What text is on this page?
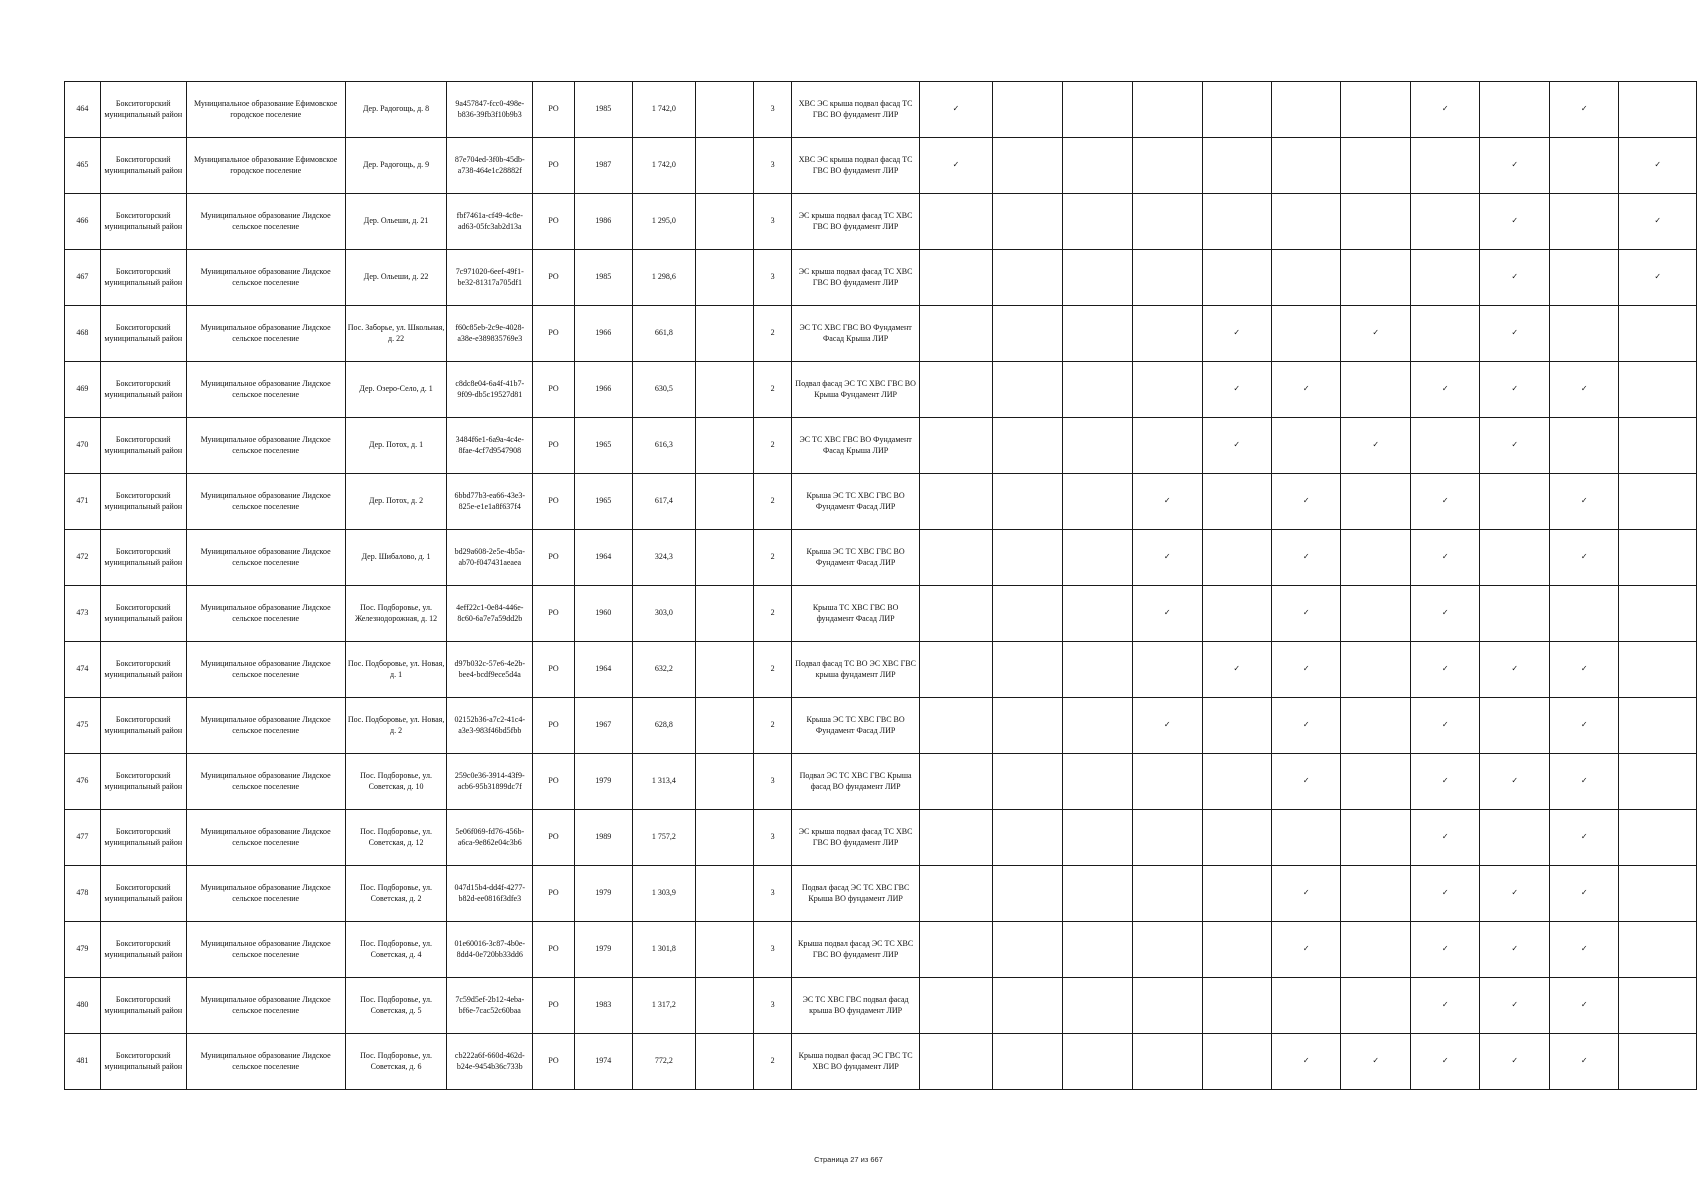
464	Бокситогорский муниципальный район	Муниципальное образование Ефимовское городское поселение	Дер. Радогощь, д. 8	9a457847-fcc0-498e-b836-39fb3f10b9b3	РО	1985	1 742,0		3	ХВС ЭС крыша подвал фасад ТС ГВС ВО фундамент ЛИР	✓							✓		✓	
465	Бокситогорский муниципальный район	Муниципальное образование Ефимовское городское поселение	Дер. Радогощь, д. 9	87e704ed-3f0b-45db-a738-464e1c28882f	РО	1987	1 742,0		3	ХВС ЭС крыша подвал фасад ТС ГВС ВО фундамент ЛИР	✓								✓		✓
466	Бокситогорский муниципальный район	Муниципальное образование Лидское сельское поселение	Дер. Ольеши, д. 21	fbf7461a-cf49-4c8e-ad63-05fc3ab2d13a	РО	1986	1 295,0		3	ЭС крыша подвал фасад ТС ХВС ГВС ВО фундамент ЛИР									✓		✓
467	Бокситогорский муниципальный район	Муниципальное образование Лидское сельское поселение	Дер. Ольеши, д. 22	7c971020-6eef-49f1-be32-81317a705df1	РО	1985	1 298,6		3	ЭС крыша подвал фасад ТС ХВС ГВС ВО фундамент ЛИР									✓		✓
468	Бокситогорский муниципальный район	Муниципальное образование Лидское сельское поселение	Пос. Заборье, ул. Школьная, д. 22	f60c85eb-2c9e-4028-a38e-e389835769e3	РО	1966	661,8		2	ЭС ТС ХВС ГВС ВО Фундамент Фасад Крыша ЛИР					✓		✓		✓		
469	Бокситогорский муниципальный район	Муниципальное образование Лидское сельское поселение	Дер. Озеро-Село, д. 1	c8dc8e04-6a4f-41b7-9f09-db5c19527d81	РО	1966	630,5		2	Подвал фасад ЭС ТС ХВС ГВС ВО Крыша Фундамент ЛИР					✓	✓		✓	✓	✓	
470	Бокситогорский муниципальный район	Муниципальное образование Лидское сельское поселение	Дер. Потох, д. 1	3484f6e1-6a9a-4c4e-8fae-4cf7d9547908	РО	1965	616,3		2	ЭС ТС ХВС ГВС ВО Фундамент Фасад Крыша ЛИР					✓		✓		✓		
471	Бокситогорский муниципальный район	Муниципальное образование Лидское сельское поселение	Дер. Потох, д. 2	6bbd77b3-ea66-43e3-825e-e1e1a8f637f4	РО	1965	617,4		2	Крыша ЭС ТС ХВС ГВС ВО Фундамент Фасад ЛИР				✓		✓		✓		✓	
472	Бокситогорский муниципальный район	Муниципальное образование Лидское сельское поселение	Дер. Шибалово, д. 1	bd29a608-2e5e-4b5a-ab70-f047431aeaea	РО	1964	324,3		2	Крыша ЭС ТС ХВС ГВС ВО Фундамент Фасад ЛИР				✓		✓		✓		✓	
473	Бокситогорский муниципальный район	Муниципальное образование Лидское сельское поселение	Пос. Подборовье, ул. Железнодорожная, д. 12	4eff22c1-0e84-446e-8c60-6a7e7a59dd2b	РО	1960	303,0		2	Крыша ТС ХВС ГВС ВО фундамент Фасад ЛИР				✓		✓		✓			
474	Бокситогорский муниципальный район	Муниципальное образование Лидское сельское поселение	Пос. Подборовье, ул. Новая, д. 1	d97b032c-57e6-4e2b-bee4-bcdf9ece5d4a	РО	1964	632,2		2	Подвал фасад ТС ВО ЭС ХВС ГВС крыша фундамент ЛИР					✓	✓		✓	✓	✓	
475	Бокситогорский муниципальный район	Муниципальное образование Лидское сельское поселение	Пос. Подборовье, ул. Новая, д. 2	02152b36-a7c2-41c4-a3e3-983f46bd5fbb	РО	1967	628,8		2	Крыша ЭС ТС ХВС ГВС ВО Фундамент Фасад ЛИР				✓		✓		✓		✓	
476	Бокситогорский муниципальный район	Муниципальное образование Лидское сельское поселение	Пос. Подборовье, ул. Советская, д. 10	259c0e36-3914-43f9-acb6-95b31899dc7f	РО	1979	1 313,4		3	Подвал ЭС ТС ХВС ГВС Крыша фасад ВО фундамент ЛИР						✓		✓	✓	✓	
477	Бокситогорский муниципальный район	Муниципальное образование Лидское сельское поселение	Пос. Подборовье, ул. Советская, д. 12	5e06f069-fd76-456b-a6ca-9e862e04c3b6	РО	1989	1 757,2		3	ЭС крыша подвал фасад ТС ХВС ГВС ВО фундамент ЛИР								✓		✓	
478	Бокситогорский муниципальный район	Муниципальное образование Лидское сельское поселение	Пос. Подборовье, ул. Советская, д. 2	047d15b4-dd4f-4277-b82d-ee0816f3dfe3	РО	1979	1 303,9		3	Подвал фасад ЭС ТС ХВС ГВС Крыша ВО фундамент ЛИР						✓		✓	✓	✓	
479	Бокситогорский муниципальный район	Муниципальное образование Лидское сельское поселение	Пос. Подборовье, ул. Советская, д. 4	01e60016-3c87-4b0e-8dd4-0e720bb33dd6	РО	1979	1 301,8		3	Крыша подвал фасад ЭС ТС ХВС ГВС ВО фундамент ЛИР						✓		✓	✓	✓	
480	Бокситогорский муниципальный район	Муниципальное образование Лидское сельское поселение	Пос. Подборовье, ул. Советская, д. 5	7c59d5ef-2b12-4eba-bf6e-7cac52c60baa	РО	1983	1 317,2		3	ЭС ТС ХВС ГВС подвал фасад крыша ВО фундамент ЛИР								✓	✓	✓	
481	Бокситогорский муниципальный район	Муниципальное образование Лидское сельское поселение	Пос. Подборовье, ул. Советская, д. 6	cb222a6f-660d-462d-b24e-9454b36c733b	РО	1974	772,2		2	Крыша подвал фасад ЭС ГВС ТС ХВС ВО фундамент ЛИР						✓	✓	✓	✓	✓	
Страница 27 из 667
